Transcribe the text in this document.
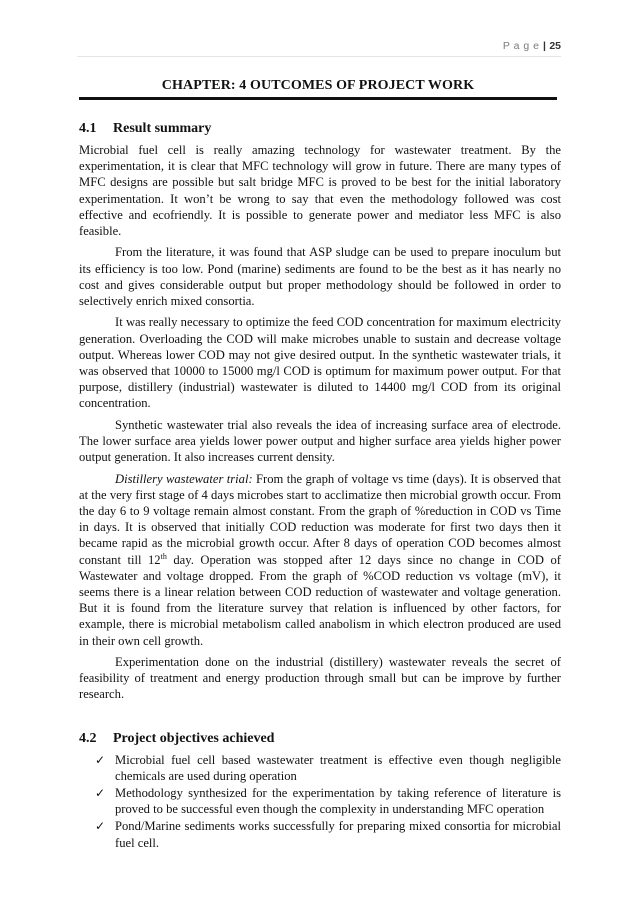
P a g e | 25
CHAPTER: 4 OUTCOMES OF PROJECT WORK
4.1 Result summary

Microbial fuel cell is really amazing technology for wastewater treatment. By the experimentation, it is clear that MFC technology will grow in future. There are many types of MFC designs are possible but salt bridge MFC is proved to be best for the initial laboratory experimentation. It won’t be wrong to say that even the methodology followed was cost effective and ecofriendly. It is possible to generate power and mediator less MFC is also feasible.

From the literature, it was found that ASP sludge can be used to prepare inoculum but its efficiency is too low. Pond (marine) sediments are found to be the best as it has nearly no cost and gives considerable output but proper methodology should be followed in order to selectively enrich mixed consortia.

It was really necessary to optimize the feed COD concentration for maximum electricity generation. Overloading the COD will make microbes unable to sustain and decrease voltage output. Whereas lower COD may not give desired output. In the synthetic wastewater trials, it was observed that 10000 to 15000 mg/l COD is optimum for maximum power output. For that purpose, distillery (industrial) wastewater is diluted to 14400 mg/l COD from its original concentration.

Synthetic wastewater trial also reveals the idea of increasing surface area of electrode. The lower surface area yields lower power output and higher surface area yields higher power output generation. It also increases current density.

Distillery wastewater trial: From the graph of voltage vs time (days). It is observed that at the very first stage of 4 days microbes start to acclimatize then microbial growth occur. From the day 6 to 9 voltage remain almost constant. From the graph of %reduction in COD vs Time in days. It is observed that initially COD reduction was moderate for first two days then it became rapid as the microbial growth occur. After 8 days of operation COD becomes almost constant till 12th day. Operation was stopped after 12 days since no change in COD of Wastewater and voltage dropped. From the graph of %COD reduction vs voltage (mV), it seems there is a linear relation between COD reduction of wastewater and voltage generation. But it is found from the literature survey that relation is influenced by other factors, for example, there is microbial metabolism called anabolism in which electron produced are used in their own cell growth.

Experimentation done on the industrial (distillery) wastewater reveals the secret of feasibility of treatment and energy production through small but can be improve by further research.

4.2 Project objectives achieved
✓ Microbial fuel cell based wastewater treatment is effective even though negligible chemicals are used during operation
✓ Methodology synthesized for the experimentation by taking reference of literature is proved to be successful even though the complexity in understanding MFC operation
✓ Pond/Marine sediments works successfully for preparing mixed consortia for microbial fuel cell.
